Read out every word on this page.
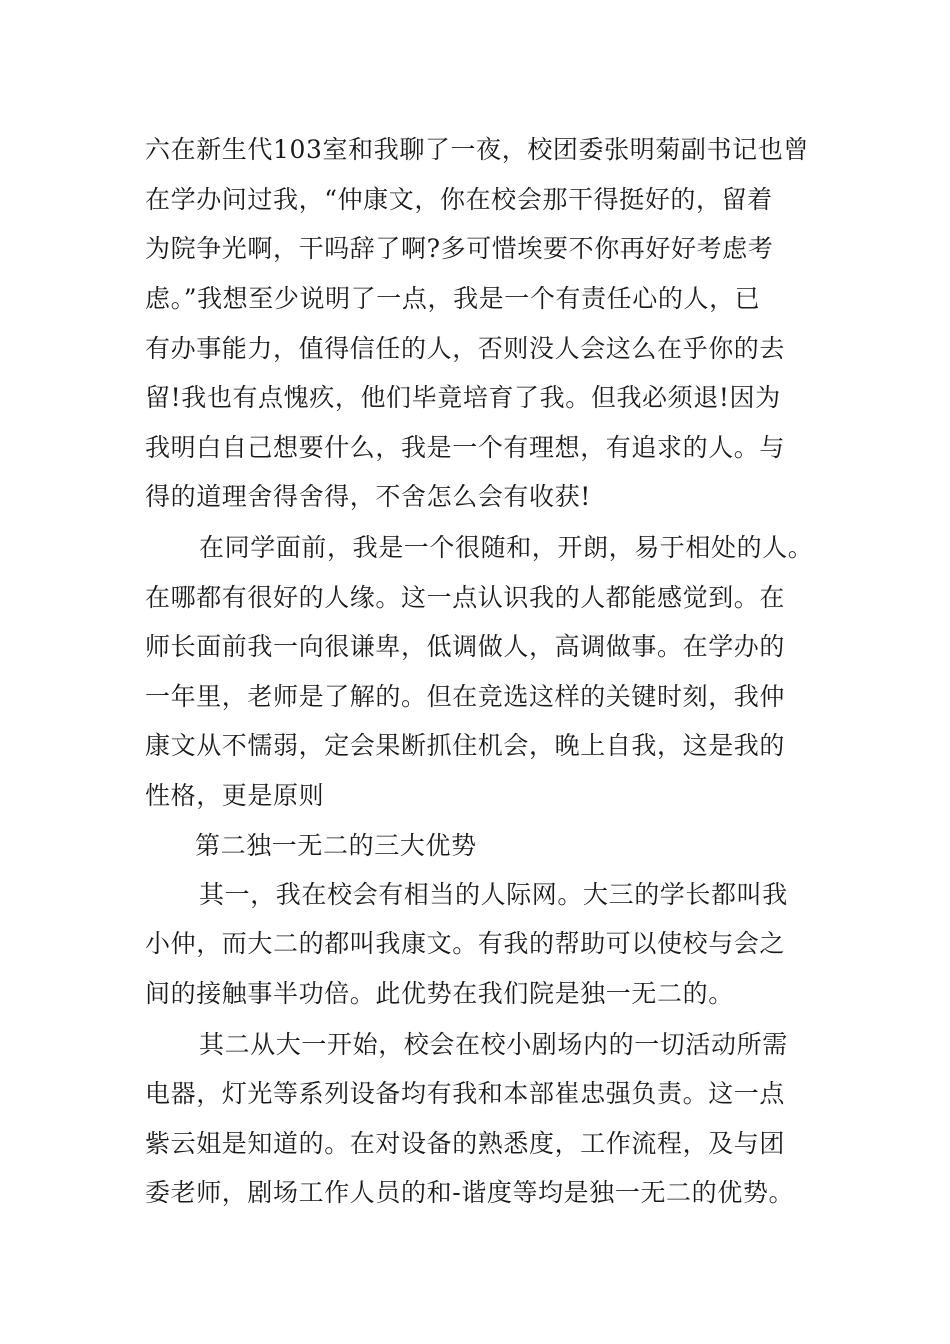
六在新生代103室和我聊了一夜，校团委张明菊副书记也曾
在学办问过我，“仲康文，你在校会那干得挺好的，留着
为院争光啊，干吗辞了啊?多可惜埃要不你再好好考虑考
虑。”我想至少说明了一点，我是一个有责任心的人，已
有办事能力，值得信任的人，否则没人会这么在乎你的去
留!我也有点愧疚，他们毕竟培育了我。但我必须退!因为
我明白自己想要什么，我是一个有理想，有追求的人。与
得的道理舍得舍得，不舍怎么会有收获!
在同学面前，我是一个很随和，开朗，易于相处的人。
在哪都有很好的人缘。这一点认识我的人都能感觉到。在
师长面前我一向很谦卑，低调做人，高调做事。在学办的
一年里，老师是了解的。但在竞选这样的关键时刻，我仲
康文从不懦弱，定会果断抓住机会，晚上自我，这是我的
性格，更是原则
第二独一无二的三大优势
其一，我在校会有相当的人际网。大三的学长都叫我
小仲，而大二的都叫我康文。有我的帮助可以使校与会之
间的接触事半功倍。此优势在我们院是独一无二的。
其二从大一开始，校会在校小剧场内的一切活动所需
电器，灯光等系列设备均有我和本部崔忠强负责。这一点
紫云姐是知道的。在对设备的熟悉度，工作流程，及与团
委老师，剧场工作人员的和-谐度等均是独一无二的优势。
